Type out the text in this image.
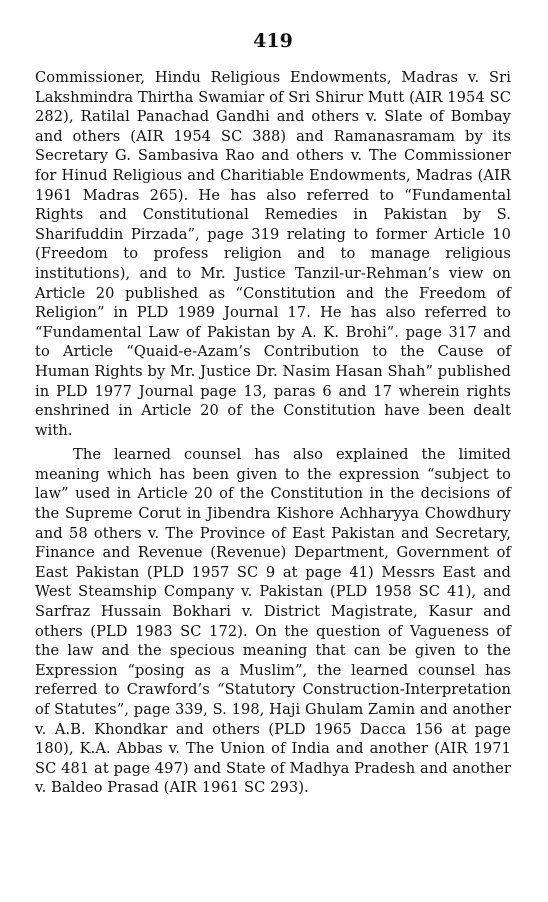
419

Commissioner, Hindu Religious Endowments, Madras v. Sri Lakshmindra Thirtha Swamiar of Sri Shirur Mutt (AIR 1954 SC 282), Ratilal Panachad Gandhi and others v. Slate of Bombay and others (AIR 1954 SC 388) and Ramanasramam by its Secretary G. Sambasiva Rao and others v. The Commissioner for Hinud Religious and Charitiable Endowments, Madras (AIR 1961 Madras 265). He has also referred to “Fundamental Rights and Constitutional Remedies in Pakistan by S. Sharifuddin Pirzada”, page 319 relating to former Article 10 (Freedom to profess religion and to manage religious institutions), and to Mr. Justice Tanzil-ur-Rehman’s view on Article 20 published as “Constitution and the Freedom of Religion” in PLD 1989 Journal 17. He has also referred to “Fundamental Law of Pakistan by A. K. Brohi”. page 317 and to Article “Quaid-e-Azam’s Contribution to the Cause of Human Rights by Mr. Justice Dr. Nasim Hasan Shah” published in PLD 1977 Journal page 13, paras 6 and 17 wherein rights enshrined in Article 20 of the Constitution have been dealt with.

The learned counsel has also explained the limited meaning which has been given to the expression “subject to law” used in Article 20 of the Constitution in the decisions of the Supreme Corut in Jibendra Kishore Achharyya Chowdhury and 58 others v. The Province of East Pakistan and Secretary, Finance and Revenue (Revenue) Department, Government of East Pakistan (PLD 1957 SC 9 at page 41) Messrs East and West Steamship Company v. Pakistan (PLD 1958 SC 41), and Sarfraz Hussain Bokhari v. District Magistrate, Kasur and others (PLD 1983 SC 172). On the question of Vagueness of the law and the specious meaning that can be given to the Expression “posing as a Muslim”, the learned counsel has referred to Crawford’s “Statutory Construction-Interpretation of Statutes”, page 339, S. 198, Haji Ghulam Zamin and another v. A.B. Khondkar and others (PLD 1965 Dacca 156 at page 180), K.A. Abbas v. The Union of India and another (AIR 1971 SC 481 at page 497) and State of Madhya Pradesh and another v. Baldeo Prasad (AIR 1961 SC 293).
